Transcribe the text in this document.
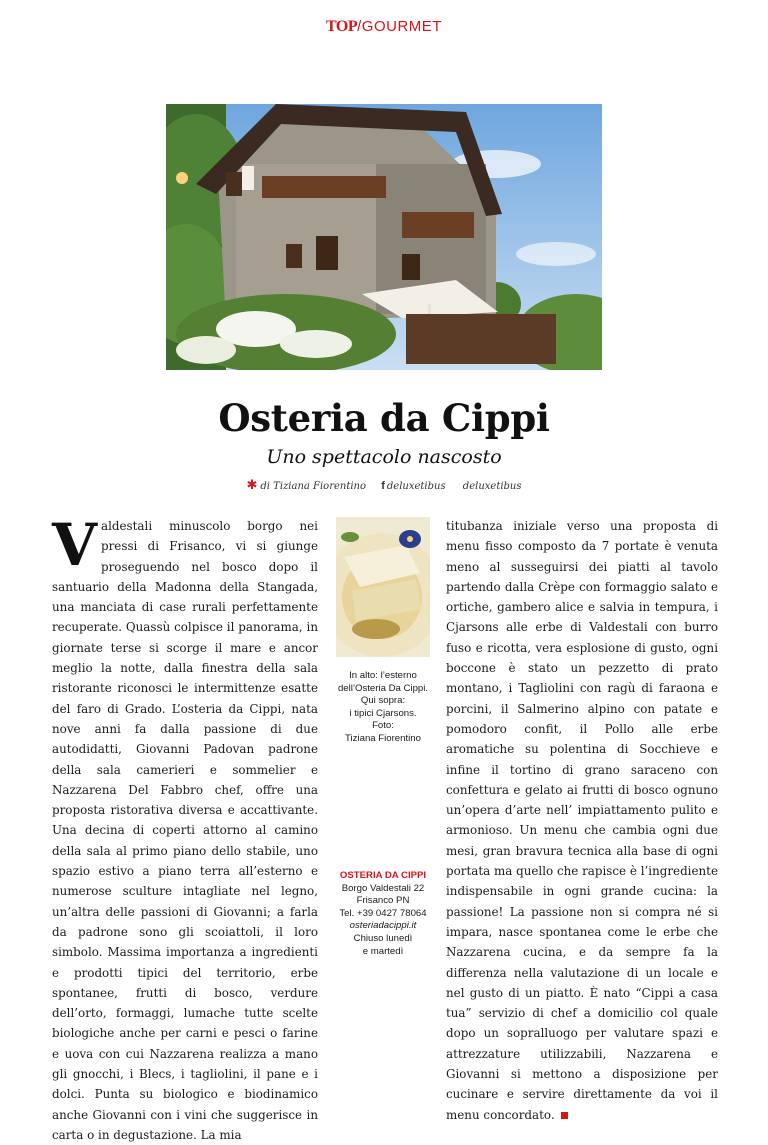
TOP/GOURMET
Osteria da Cippi
Uno spettacolo nascosto
✱ di Tiziana Fiorentino f deluxetibus deluxetibus
Valdestali minuscolo borgo nei pressi di Frisanco, vi si giunge proseguendo nel bosco dopo il santuario della Madonna della Stangada, una manciata di case rurali perfettamente recuperate. Quassù colpisce il panorama, in giornate terse si scorge il mare e ancor meglio la notte, dalla finestra della sala ristorante riconosci le intermittenze esatte del faro di Grado. L’osteria da Cippi, nata nove anni fa dalla passione di due autodidatti, Giovanni Padovan padrone della sala camerieri e sommelier e Nazzarena Del Fabbro chef, offre una proposta ristorativa diversa e accattivante. Una decina di coperti attorno al camino della sala al primo piano dello stabile, uno spazio estivo a piano terra all’esterno e numerose sculture intagliate nel legno, un’altra delle passioni di Giovanni; a farla da padrone sono gli scoiattoli, il loro simbolo. Massima importanza a ingredienti e prodotti tipici del territorio, erbe spontanee, frutti di bosco, verdure dell’orto, formaggi, lumache tutte scelte biologiche anche per carni e pesci o farine e uova con cui Nazzarena realizza a mano gli gnocchi, i Blecs, i tagliolini, il pane e i dolci. Punta su biologico e biodinamico anche Giovanni con i vini che suggerisce in carta o in degustazione. La mia
In alto: l’esterno
dell’Osteria Da Cippi.
Qui sopra:
i tipici Cjarsons.
Foto:
Tiziana Fiorentino
OSTERIA DA CIPPI
Borgo Valdestali 22
Frisanco PN
Tel. +39 0427 78064
osteriadacippi.it
Chiuso lunedì
e martedì
titubanza iniziale verso una proposta di menu fisso composto da 7 portate è venuta meno al susseguirsi dei piatti al tavolo partendo dalla Crèpe con formaggio salato e ortiche, gambero alice e salvia in tempura, i Cjarsons alle erbe di Valdestali con burro fuso e ricotta, vera esplosione di gusto, ogni boccone è stato un pezzetto di prato montano, i Tagliolini con ragù di faraona e porcini, il Salmerino alpino con patate e pomodoro confit, il Pollo alle erbe aromatiche su polentina di Socchieve e infine il tortino di grano saraceno con confettura e gelato ai frutti di bosco ognuno un’opera d’arte nell’ impiattamento pulito e armonioso. Un menu che cambia ogni due mesi, gran bravura tecnica alla base di ogni portata ma quello che rapisce è l’ingrediente indispensabile in ogni grande cucina: la passione! La passione non si compra né si impara, nasce spontanea come le erbe che Nazzarena cucina, e da sempre fa la differenza nella valutazione di un locale e nel gusto di un piatto. È nato “Cippi a casa tua” servizio di chef a domicilio col quale dopo un sopralluogo per valutare spazi e attrezzature utilizzabili, Nazzarena e Giovanni si mettono a disposizione per cucinare e servire direttamente da voi il menu concordato.
